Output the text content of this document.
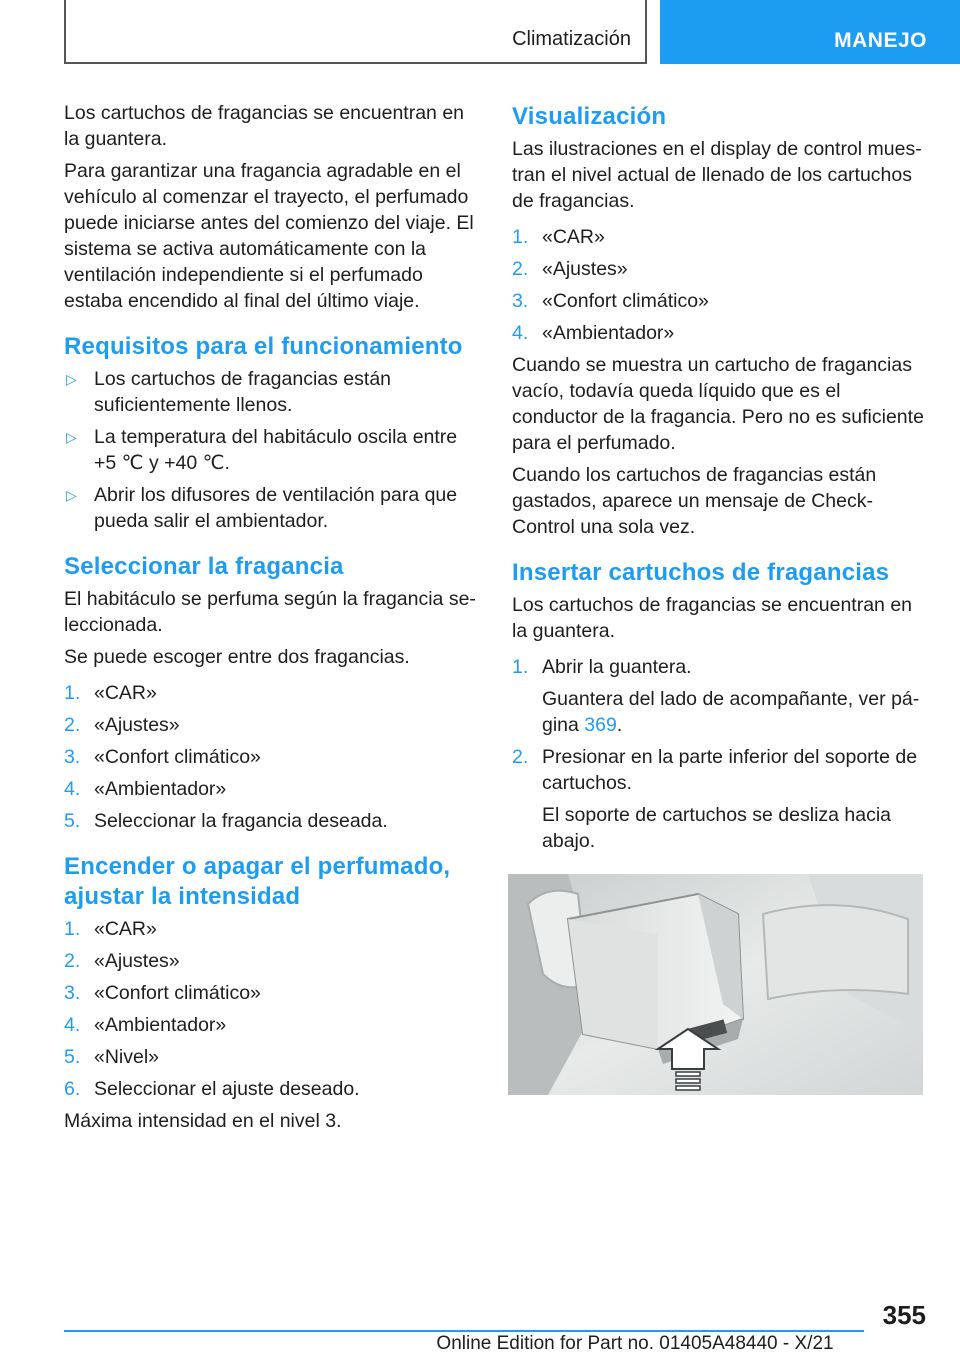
Climatización	MANEJO

Los cartuchos de fragancias se encuentran en la guantera.

Para garantizar una fragancia agradable en el vehículo al comenzar el trayecto, el perfumado puede iniciarse antes del comienzo del viaje. El sistema se activa automáticamente con la ventilación independiente si el perfumado estaba encendido al final del último viaje.

Requisitos para el funcionamiento
▷ Los cartuchos de fragancias están suficientemente llenos.
▷ La temperatura del habitáculo oscila entre +5 ℃ y +40 ℃.
▷ Abrir los difusores de ventilación para que pueda salir el ambientador.
Seleccionar la fragancia

El habitáculo se perfuma según la fragancia seleccionada.

Se puede escoger entre dos fragancias.

1. «CAR»
2. «Ajustes»
3. «Confort climático»
4. «Ambientador»
5. Seleccionar la fragancia deseada.
Encender o apagar el perfumado, ajustar la intensidad
1. «CAR»
2. «Ajustes»
3. «Confort climático»
4. «Ambientador»
5. «Nivel»
6. Seleccionar el ajuste deseado.

Máxima intensidad en el nivel 3.

Visualización

Las ilustraciones en el display de control muestran el nivel actual de llenado de los cartuchos de fragancias.

1. «CAR»
2. «Ajustes»
3. «Confort climático»
4. «Ambientador»

Cuando se muestra un cartucho de fragancias vacío, todavía queda líquido que es el conductor de la fragancia. Pero no es suficiente para el perfumado.

Cuando los cartuchos de fragancias están gastados, aparece un mensaje de Check-Control una sola vez.

Insertar cartuchos de fragancias

Los cartuchos de fragancias se encuentran en la guantera.

1. Abrir la guantera.
Guantera del lado de acompañante, ver página 369.
2. Presionar en la parte inferior del soporte de cartuchos.
El soporte de cartuchos se desliza hacia abajo.
355
Online Edition for Part no. 01405A48440 - X/21
